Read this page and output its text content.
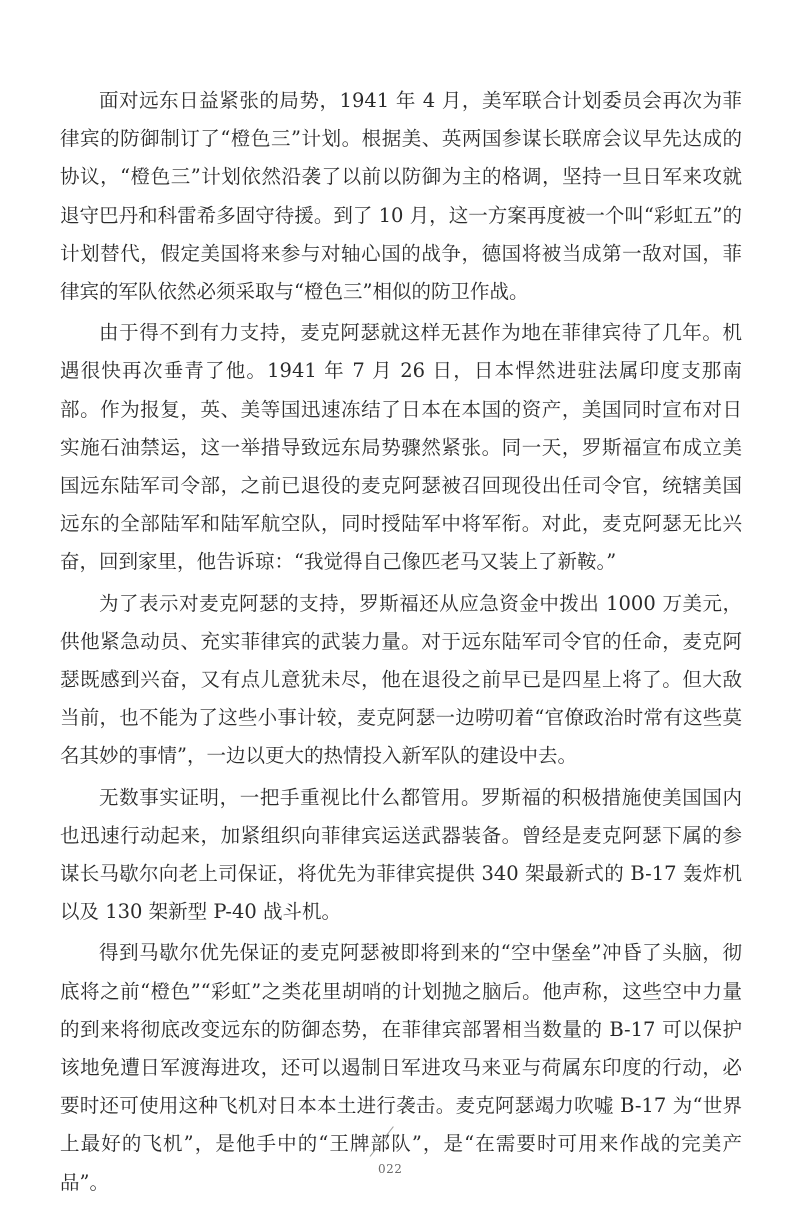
面对远东日益紧张的局势，1941 年 4 月，美军联合计划委员会再次为菲律宾的防御制订了“橙色三”计划。根据美、英两国参谋长联席会议早先达成的协议，“橙色三”计划依然沿袭了以前以防御为主的格调，坚持一旦日军来攻就退守巴丹和科雷希多固守待援。到了 10 月，这一方案再度被一个叫“彩虹五”的计划替代，假定美国将来参与对轴心国的战争，德国将被当成第一敌对国，菲律宾的军队依然必须采取与“橙色三”相似的防卫作战。

由于得不到有力支持，麦克阿瑟就这样无甚作为地在菲律宾待了几年。机遇很快再次垂青了他。1941 年 7 月 26 日，日本悍然进驻法属印度支那南部。作为报复，英、美等国迅速冻结了日本在本国的资产，美国同时宣布对日实施石油禁运，这一举措导致远东局势骤然紧张。同一天，罗斯福宣布成立美国远东陆军司令部，之前已退役的麦克阿瑟被召回现役出任司令官，统辖美国远东的全部陆军和陆军航空队，同时授陆军中将军衔。对此，麦克阿瑟无比兴奋，回到家里，他告诉琼：“我觉得自己像匹老马又装上了新鞍。”

为了表示对麦克阿瑟的支持，罗斯福还从应急资金中拨出 1000 万美元，供他紧急动员、充实菲律宾的武装力量。对于远东陆军司令官的任命，麦克阿瑟既感到兴奋，又有点儿意犹未尽，他在退役之前早已是四星上将了。但大敌当前，也不能为了这些小事计较，麦克阿瑟一边唠叨着“官僚政治时常有这些莫名其妙的事情”，一边以更大的热情投入新军队的建设中去。

无数事实证明，一把手重视比什么都管用。罗斯福的积极措施使美国国内也迅速行动起来，加紧组织向菲律宾运送武器装备。曾经是麦克阿瑟下属的参谋长马歇尔向老上司保证，将优先为菲律宾提供 340 架最新式的 B-17 轰炸机以及 130 架新型 P-40 战斗机。

得到马歇尔优先保证的麦克阿瑟被即将到来的“空中堡垒”冲昏了头脑，彻底将之前“橙色”“彩虹”之类花里胡哨的计划抛之脑后。他声称，这些空中力量的到来将彻底改变远东的防御态势，在菲律宾部署相当数量的 B-17 可以保护该地免遭日军渡海进攻，还可以遏制日军进攻马来亚与荷属东印度的行动，必要时还可使用这种飞机对日本本土进行袭击。麦克阿瑟竭力吹嘘 B-17 为“世界上最好的飞机”，是他手中的“王牌部队”，是“在需要时可用来作战的完美产品”。

022
